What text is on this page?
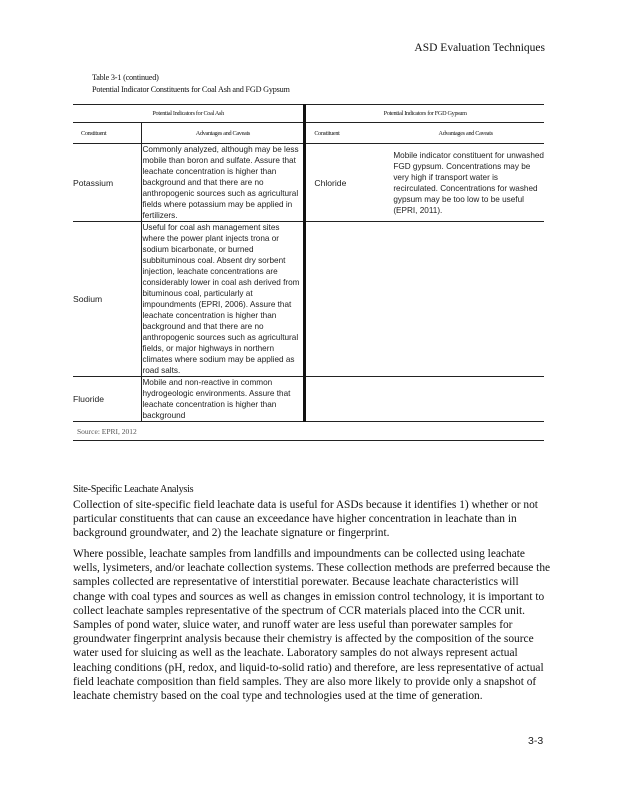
ASD Evaluation Techniques
Table 3-1 (continued)
Potential Indicator Constituents for Coal Ash and FGD Gypsum
Potential Indicators for Coal Ash		Potential Indicators for FGD Gypsum	
Constituent	Advantages and Caveats	Constituent	Advantages and Caveats
Potassium	Commonly analyzed, although may be less mobile than boron and sulfate. Assure that leachate concentration is higher than background and that there are no anthropogenic sources such as agricultural fields where potassium may be applied in fertilizers.	Chloride	Mobile indicator constituent for unwashed FGD gypsum. Concentrations may be very high if transport water is recirculated. Concentrations for washed gypsum may be too low to be useful (EPRI, 2011).
Sodium	Useful for coal ash management sites where the power plant injects trona or sodium bicarbonate, or burned subbituminous coal. Absent dry sorbent injection, leachate concentrations are considerably lower in coal ash derived from bituminous coal, particularly at impoundments (EPRI, 2006). Assure that leachate concentration is higher than background and that there are no anthropogenic sources such as agricultural fields, or major highways in northern climates where sodium may be applied as road salts.		
Fluoride	Mobile and non-reactive in common hydrogeologic environments. Assure that leachate concentration is higher than background		
Source: EPRI, 2012			
Site-Specific Leachate Analysis
Collection of site-specific field leachate data is useful for ASDs because it identifies 1) whether or not particular constituents that can cause an exceedance have higher concentration in leachate than in background groundwater, and 2) the leachate signature or fingerprint.
Where possible, leachate samples from landfills and impoundments can be collected using leachate wells, lysimeters, and/or leachate collection systems. These collection methods are preferred because the samples collected are representative of interstitial porewater. Because leachate characteristics will change with coal types and sources as well as changes in emission control technology, it is important to collect leachate samples representative of the spectrum of CCR materials placed into the CCR unit. Samples of pond water, sluice water, and runoff water are less useful than porewater samples for groundwater fingerprint analysis because their chemistry is affected by the composition of the source water used for sluicing as well as the leachate. Laboratory samples do not always represent actual leaching conditions (pH, redox, and liquid-to-solid ratio) and therefore, are less representative of actual field leachate composition than field samples. They are also more likely to provide only a snapshot of leachate chemistry based on the coal type and technologies used at the time of generation.
3-3
